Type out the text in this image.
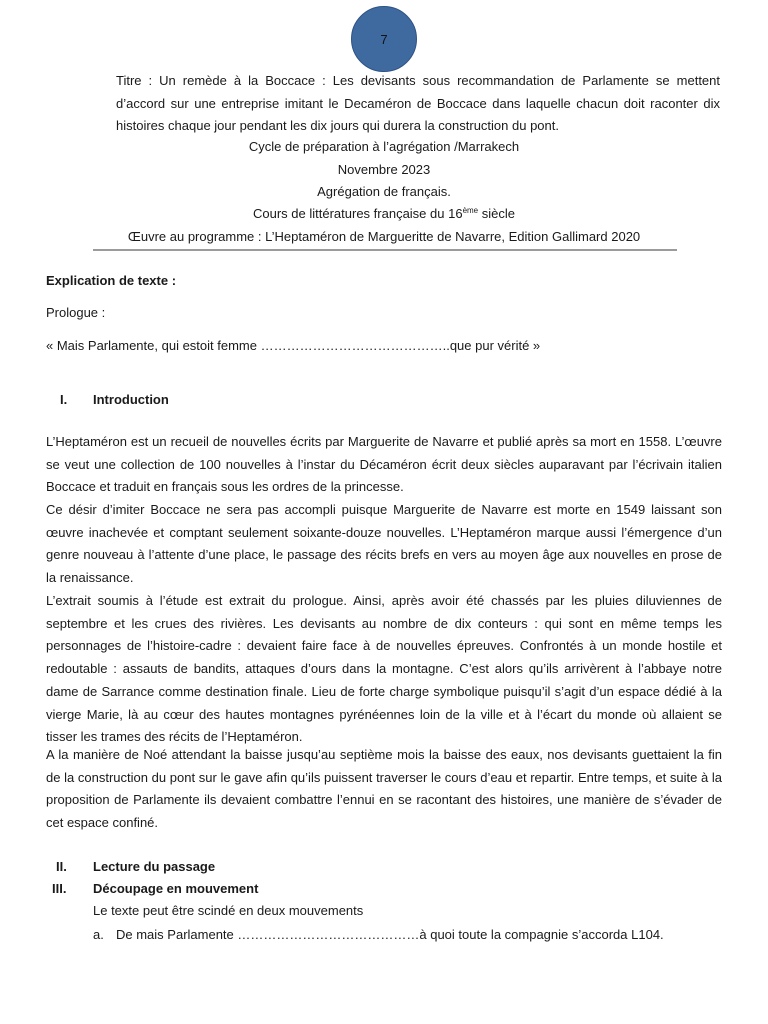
7

Titre : Un remède à la Boccace : Les devisants sous recommandation de Parlamente se mettent d’accord sur une entreprise imitant le Decaméron de Boccace dans laquelle chacun doit raconter dix histoires chaque jour pendant les dix jours qui durera la construction du pont.

Cycle de préparation à l’agrégation /Marrakech

Novembre 2023

Agrégation de français.

Cours de littératures française du 16ème siècle

Œuvre au programme : L’Heptaméron de Margueritte de Navarre, Edition Gallimard 2020

Explication de texte :

Prologue :

« Mais Parlamente, qui estoit femme ……………………………………..que pur vérité »

I. Introduction

L’Heptaméron est un recueil de nouvelles écrits par Marguerite de Navarre et publié après sa mort en 1558. L’œuvre se veut une collection de 100 nouvelles à l’instar du Décaméron écrit deux siècles auparavant par l’écrivain italien Boccace et traduit en français sous les ordres de la princesse.

Ce désir d’imiter Boccace ne sera pas accompli puisque Marguerite de Navarre est morte en 1549 laissant son œuvre inachevée et comptant seulement soixante-douze nouvelles. L’Heptaméron marque aussi l’émergence d’un genre nouveau à l’attente d’une place, le passage des récits brefs en vers au moyen âge aux nouvelles en prose de la renaissance.

L’extrait soumis à l’étude est extrait du prologue. Ainsi, après avoir été chassés par les pluies diluviennes de septembre et les crues des rivières. Les devisants au nombre de dix conteurs : qui sont en même temps les personnages de l’histoire-cadre : devaient faire face à de nouvelles épreuves. Confrontés à un monde hostile et redoutable : assauts de bandits, attaques d’ours dans la montagne. C’est alors qu’ils arrivèrent à l’abbaye notre dame de Sarrance comme destination finale. Lieu de forte charge symbolique puisqu’il s’agit d’un espace dédié à la vierge Marie, là au cœur des hautes montagnes pyrénéennes loin de la ville et à l’écart du monde où allaient se tisser les trames des récits de l’Heptaméron.

A la manière de Noé attendant la baisse jusqu’au septième mois la baisse des eaux, nos devisants guettaient la fin de la construction du pont sur le gave afin qu’ils puissent traverser le cours d’eau et repartir. Entre temps, et suite à la proposition de Parlamente ils devaient combattre l’ennui en se racontant des histoires, une manière de s’évader de cet espace confiné.

II. Lecture du passage

III. Découpage en mouvement

Le texte peut être scindé en deux mouvements

a. De mais Parlamente ……………………………………à quoi toute la compagnie s’accorda L104.
